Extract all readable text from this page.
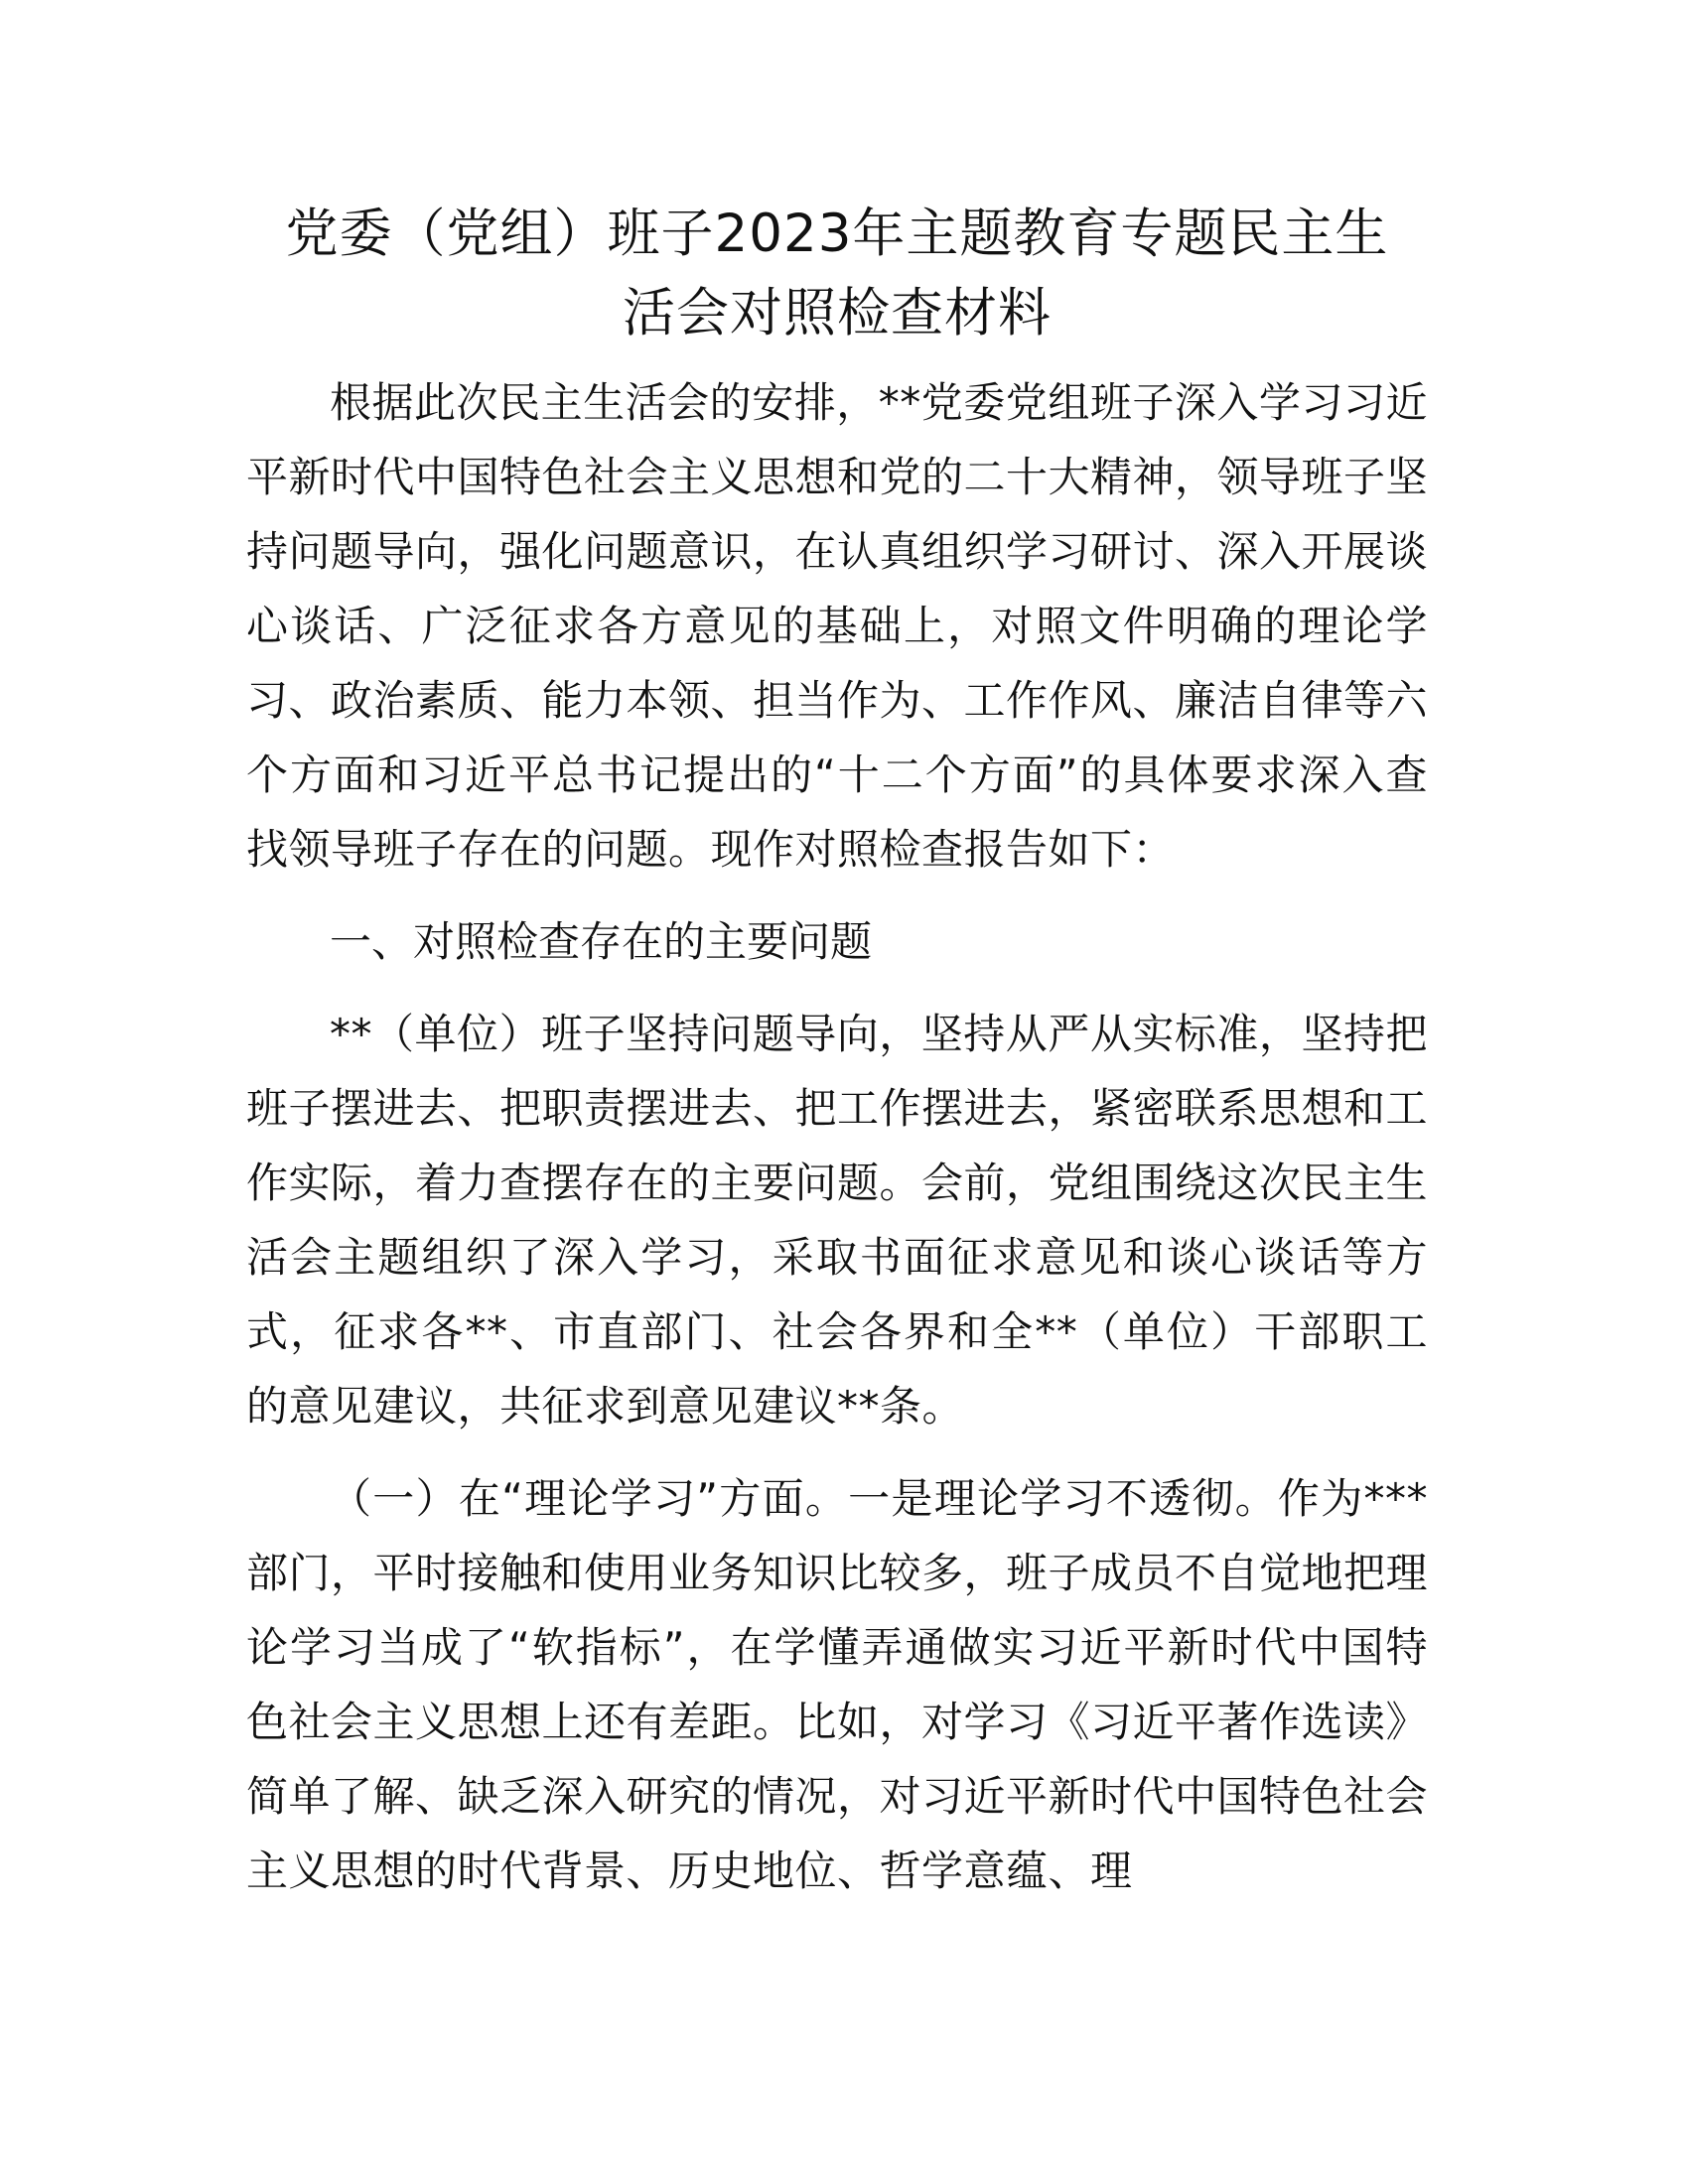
党委（党组）班子2023年主题教育专题民主生
活会对照检查材料

根据此次民主生活会的安排，**党委党组班子深入学习习近平新时代中国特色社会主义思想和党的二十大精神，领导班子坚持问题导向，强化问题意识，在认真组织学习研讨、深入开展谈心谈话、广泛征求各方意见的基础上，对照文件明确的理论学习、政治素质、能力本领、担当作为、工作作风、廉洁自律等六个方面和习近平总书记提出的“十二个方面”的具体要求深入查找领导班子存在的问题。现作对照检查报告如下：

一、对照检查存在的主要问题

**（单位）班子坚持问题导向，坚持从严从实标准，坚持把班子摆进去、把职责摆进去、把工作摆进去，紧密联系思想和工作实际，着力查摆存在的主要问题。会前，党组围绕这次民主生活会主题组织了深入学习，采取书面征求意见和谈心谈话等方式，征求各**、市直部门、社会各界和全**（单位）干部职工的意见建议，共征求到意见建议**条。

（一）在“理论学习”方面。一是理论学习不透彻。作为***部门，平时接触和使用业务知识比较多，班子成员不自觉地把理论学习当成了“软指标”，在学懂弄通做实习近平新时代中国特色社会主义思想上还有差距。比如，对学习《习近平著作选读》简单了解、缺乏深入研究的情况，对习近平新时代中国特色社会主义思想的时代背景、历史地位、哲学意蕴、理
